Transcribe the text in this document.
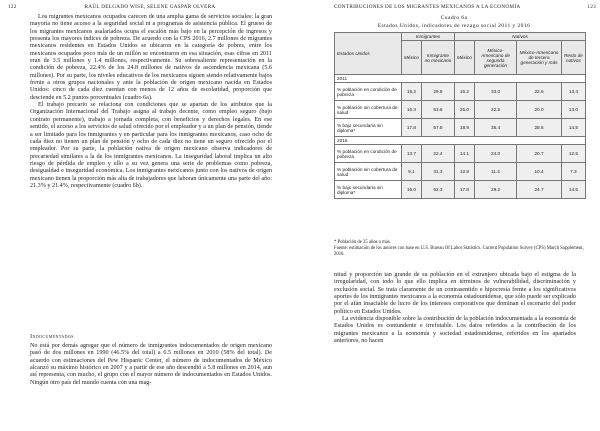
122	RAÚL DELGADO WISE, SELENE GASPAR OLVERA

Los migrantes mexicanos ocupados carecen de una amplia gama de servicios sociales: la gran mayoría no tiene acceso a la seguridad social ni a programas de asistencia pública. El grueso de los migrantes mexicanos asalariados ocupa el escalón más bajo en la percepción de ingresos y presenta los mayores índices de pobreza. De acuerdo con la CPS 2016, 2.7 millones de migrantes mexicanos residentes en Estados Unidos se ubicaron en la categoría de pobres, entre los mexicanos ocupados poco más de un millón se encontraron en esa situación, esas cifras en 2011 eran de 3.5 millones y 1.4 millones, respectivamente. Su sobresaliente representación en la condición de pobreza, 22.4% de los 24.8 millones de nativos de ascendencia mexicana (5.6 millones). Por su parte, los niveles educativos de los mexicanos siguen siendo relativamente bajos frente a otros grupos nacionales y ante la población de origen mexicano nacida en Estados Unidos: cinco de cada diez cuentan con menos de 12 años de escolaridad, proporción que desciende en 5.2 puntos porcentuales (cuadro 6a).

El trabajo precario se relaciona con condiciones que se apartan de los atributos que la Organización Internacional del Trabajo asigna al trabajo decente, como empleo seguro (bajo contrato permanente), trabajo a jornada completa, con beneficios y derechos legales. En ese sentido, el acceso a los servicios de salud ofrecido por el empleador y a un plan de pensión, tiende a ser limitado para los inmigrantes y en particular para los inmigrantes mexicanos, caso ocho de cada diez no tienen un plan de pensión y ocho de cada diez no tiene un seguro ofrecido por el empleador. Por su parte, la población nativa de origen mexicano observa indicadores de precariedad similares a la de los inmigrantes mexicanos. La inseguridad laboral implica un alto riesgo de pérdida de empleo y ello a su vez genera una serie de problemas como pobreza, desigualdad e inseguridad económica. Los inmigrantes mexicanos junto con los nativos de origen mexicano tienen la proporción más alta de trabajadores que laboran únicamente una parte del año: 21.3% y 21.4%, respectivamente (cuadro 6b).

Indocumentados

No está por demás agregar que el número de inmigrantes indocumentados de origen mexicano pasó de dos millones en 1990 (46.5% del total) a 6.5 millones en 2010 (58% del total). De acuerdo con estimaciones del Pew Hispanic Center, el número de indocumentados de México alcanzó su máximo histórico en 2007 y a partir de ese año descendió a 5.8 millones en 2014, aun así representa, con mucho, el grupo con el mayor número de indocumentados en Estados Unidos. Ningún otro país del mundo cuenta con una mag-

CONTRIBUCIONES DE LOS MIGRANTES MEXICANOS A LA ECONOMÍA	123
Cuadro 6a
Estados Unidos, indicadores de rezago social 2011 y 2016
Estados Unidos	Inmigrantes		Nativos			
	México	Inmigrante no mexicano	México	México-Americano de segunda generación	México-Americano de tercera generación y más	Resto de nativos
2011						
% población en condición de pobreza	15.2	29.8	15.2	33.0	22.6	13.4
% población sin cobertura de salud	16.3	53.6	25.0	22.5	20.0	13.0
% bajo secundaria sin diploma*	17.8	57.5	18.9	35.4	28.5	14.5
2016						
% población en condición de pobreza	13.7	22.4	14.1	24.0	20.7	12.5
% población sin cobertura de salud	9.1	31.3	12.8	11.4	10.4	7.3
% bajo secundaria sin diploma*	16.0	52.3	17.8	29.2	24.7	14.5
* Población de 25 años o más.
Fuente: estimación de los autores con base en U.S. Bureau Of Labor Statistics. Current Population Survey (CPS) March Supplement, 2016.

nitud y proporción tan grande de su población en el extranjero ubicada bajo el estigma de la irregularidad, con todo lo que ello implica en términos de vulnerabilidad, discriminación y exclusión social. Se trata claramente de un contrasentido e hipocresía frente a los significativos aportes de los inmigrantes mexicanos a la economía estadounidense, que sólo puede ser explicado por el afán insaciable de lucro de los intereses corporativos que dominan el escenario del poder político en Estados Unidos.

La evidencia disponible sobre la contribución de la población indocumentada a la economía de Estados Unidos es contundente e irrefutable. Los datos referidos a la contribución de los migrantes mexicanos a la economía y sociedad estadounidense, referidos en los apartados anteriores, no hacen
